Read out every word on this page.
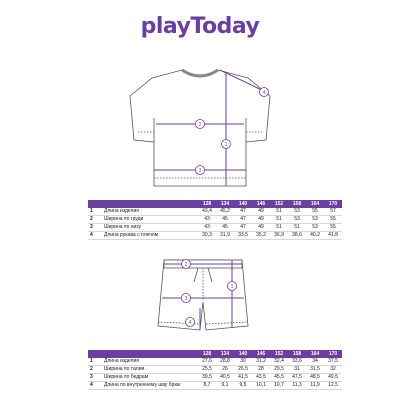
playToday
1
2
3
4
		128	134	140	146	152	158	164	170
1	Длина изделия	43,4	45,2	47	49	51	53	55	57
2	Ширина по груди	43	45	47	49	51	53	53	55
3	Ширина по низу	43	45	47	49	51	51	53	55
4	Длина рукава с плечом	30,3	31,9	33,5	35,2	36,9	38,6	40,2	41,8
1
2
3
4
		128	134	140	146	152	158	164	170
1	Длина изделия	27,6	28,8	30	31,2	32,4	33,6	34	37,5
2	Ширина по талии	25,5	26	26,5	28	29,5	31	31,5	32
3	Ширина по бедрам	39,5	40,5	41,5	43,5	45,5	47,5	48,5	49,5
4	Длина по внутреннему шву брюк	8,7	9,1	9,5	10,1	10,7	11,3	11,9	12,5
